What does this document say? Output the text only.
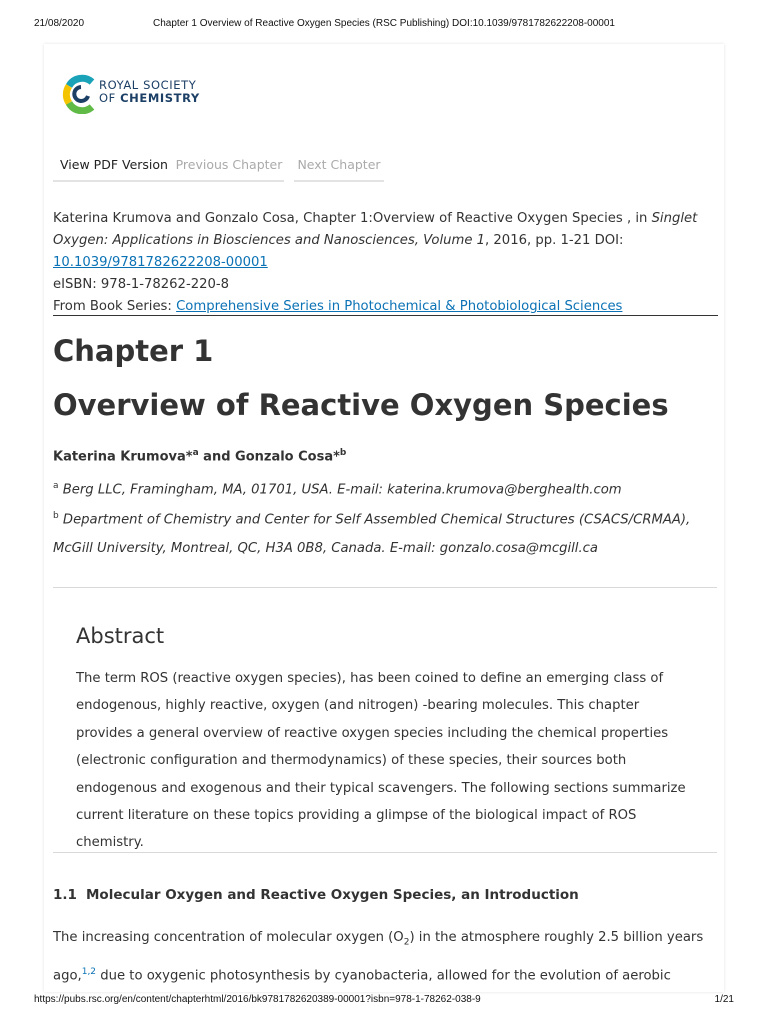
21/08/2020	Chapter 1 Overview of Reactive Oxygen Species (RSC Publishing) DOI:10.1039/9781782622208-00001
ROYAL SOCIETY
OF CHEMISTRY
View PDF Version Previous Chapter Next Chapter
Katerina Krumova and Gonzalo Cosa, Chapter 1:Overview of Reactive Oxygen Species , in Singlet Oxygen: Applications in Biosciences and Nanosciences, Volume 1, 2016, pp. 1-21 DOI:
10.1039/9781782622208-00001
eISBN: 978-1-78262-220-8
From Book Series: Comprehensive Series in Photochemical & Photobiological Sciences
Chapter 1
Overview of Reactive Oxygen Species
Katerina Krumova*$^a$ and Gonzalo Cosa*$^b$
$^a$ Berg LLC, Framingham, MA, 01701, USA. E-mail: katerina.krumova@berghealth.com
$^b$ Department of Chemistry and Center for Self Assembled Chemical Structures (CSACS/CRMAA), McGill University, Montreal, QC, H3A 0B8, Canada. E-mail: gonzalo.cosa@mcgill.ca
Abstract
The term ROS (reactive oxygen species), has been coined to define an emerging class of endogenous, highly reactive, oxygen (and nitrogen) -bearing molecules. This chapter provides a general overview of reactive oxygen species including the chemical properties (electronic configuration and thermodynamics) of these species, their sources both endogenous and exogenous and their typical scavengers. The following sections summarize current literature on these topics providing a glimpse of the biological impact of ROS chemistry.
1.1 Molecular Oxygen and Reactive Oxygen Species, an Introduction
The increasing concentration of molecular oxygen $(O_2)$ in the atmosphere roughly 2.5 billion years ago,$^{1,2}$ due to oxygenic photosynthesis by cyanobacteria, allowed for the evolution of aerobic
https://pubs.rsc.org/en/content/chapterhtml/2016/bk9781782620389-00001?isbn=978-1-78262-038-9	1/21
